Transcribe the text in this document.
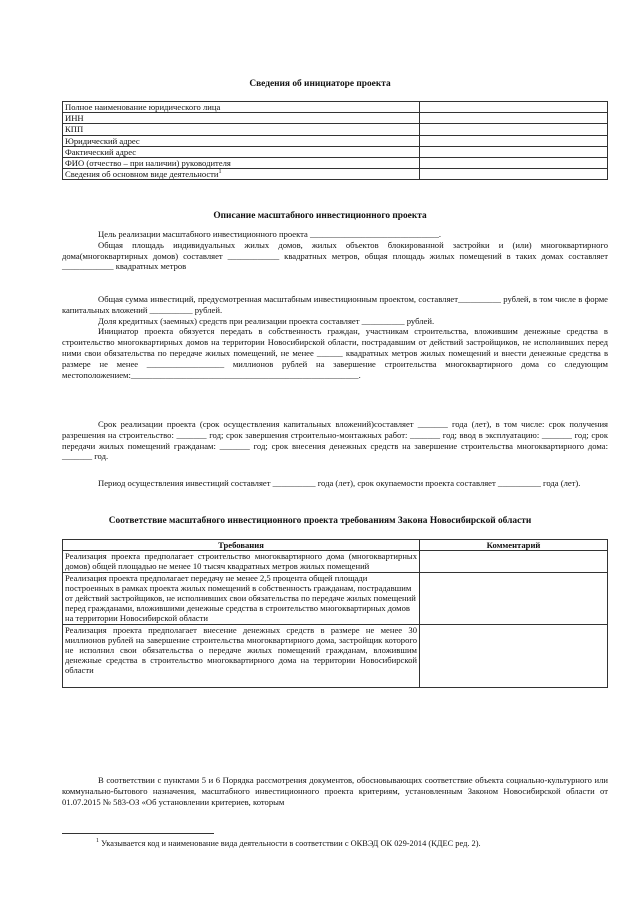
Сведения об инициаторе проекта
Полное наименование юридического лица	
ИНН	
КПП	
Юридический адрес	
Фактический адрес	
ФИО (отчество – при наличии) руководителя	
Сведения об основном виде деятельности$^1$	
Описание масштабного инвестиционного проекта

Цель реализации масштабного инвестиционного проекта ______________________________.

Общая площадь индивидуальных жилых домов, жилых объектов блокированной застройки и (или) многоквартирного дома(многоквартирных домов) составляет ____________ квадратных метров, общая площадь жилых помещений в таких домах составляет ____________ квадратных метров

Общая сумма инвестиций, предусмотренная масштабным инвестиционным проектом, составляет__________ рублей, в том числе в форме капитальных вложений __________ рублей.

Доля кредитных (заемных) средств при реализации проекта составляет __________ рублей.

Инициатор проекта обязуется передать в собственность граждан, участникам строительства, вложившим денежные средства в строительство многоквартирных домов на территории Новосибирской области, пострадавшим от действий застройщиков, не исполнивших перед ними свои обязательства по передаче жилых помещений, не менее ______ квадратных метров жилых помещений и внести денежные средства в размере не менее __________________ миллионов рублей на завершение строительства многоквартирного дома со следующим местоположением:_____________________________________________________.

Срок реализации проекта (срок осуществления капитальных вложений)составляет _______ года (лет), в том числе: срок получения разрешения на строительство: _______ год; срок завершения строительно-монтажных работ: _______ год; ввод в эксплуатацию: _______ год; срок передачи жилых помещений гражданам: _______ год; срок внесения денежных средств на завершение строительства многоквартирного дома: _______ год.

Период осуществления инвестиций составляет __________ года (лет), срок окупаемости проекта составляет __________ года (лет).

Соответствие масштабного инвестиционного проекта требованиям Закона Новосибирской области
Требования	Комментарий
Реализация проекта предполагает строительство многоквартирного дома (многоквартирных домов) общей площадью не менее 10 тысяч квадратных метров жилых помещений	
Реализация проекта предполагает передачу не менее 2,5 процента общей площади построенных в рамках проекта жилых помещений в собственность гражданам, пострадавшим от действий застройщиков, не исполнивших свои обязательства по передаче жилых помещений перед гражданами, вложившими денежные средства в строительство многоквартирных домов на территории Новосибирской области	
Реализация проекта предполагает внесение денежных средств в размере не менее 30 миллионов рублей на завершение строительства многоквартирного дома, застройщик которого не исполнил свои обязательства о передаче жилых помещений гражданам, вложившим денежные средства в строительство многоквартирного дома на территории Новосибирской области	

В соответствии с пунктами 5 и 6 Порядка рассмотрения документов, обосновывающих соответствие объекта социально-культурного или коммунально-бытового назначения, масштабного инвестиционного проекта критериям, установленным Законом Новосибирской области от 01.07.2015 № 583-ОЗ «Об установлении критериев, которым

$^1$ Указывается код и наименование вида деятельности в соответствии с ОКВЭД ОК 029-2014 (КДЕС ред. 2).
